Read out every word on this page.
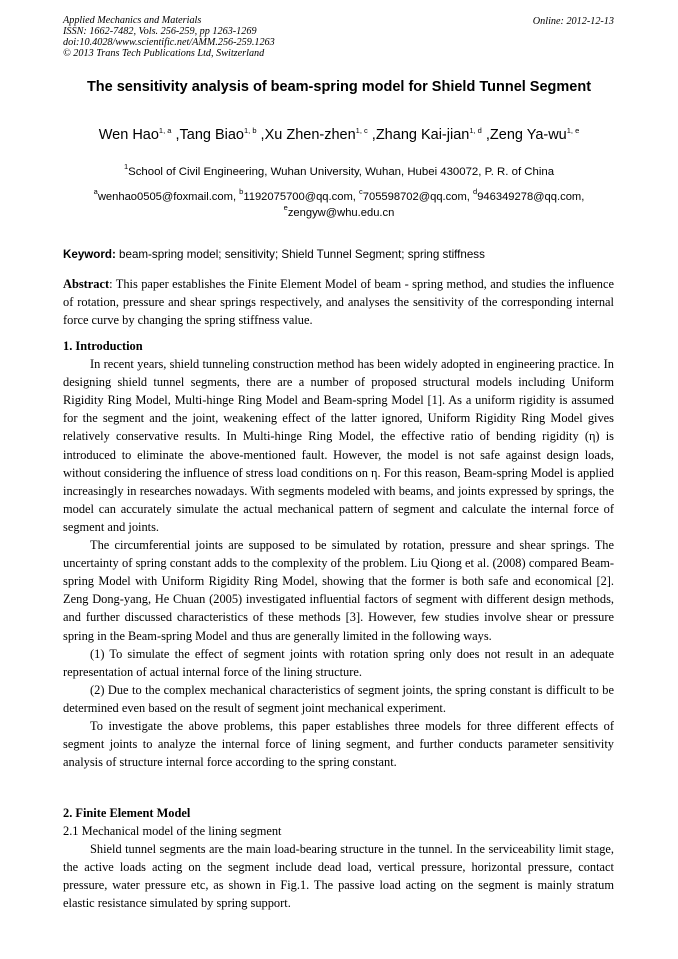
Applied Mechanics and Materials
ISSN: 1662-7482, Vols. 256-259, pp 1263-1269
doi:10.4028/www.scientific.net/AMM.256-259.1263
© 2013 Trans Tech Publications Ltd, Switzerland
Online: 2012-12-13
The sensitivity analysis of beam-spring model for Shield Tunnel Segment
Wen Hao$^{1, a}$ ,Tang Biao$^{1, b}$ ,Xu Zhen-zhen$^{1, c}$ ,Zhang Kai-jian$^{1, d}$ ,Zeng Ya-wu$^{1, e}$
$^1$School of Civil Engineering, Wuhan University, Wuhan, Hubei 430072, P. R. of China
$^a$wenhao0505@foxmail.com, $^b$1192075700@qq.com, $^c$705598702@qq.com, $^d$946349278@qq.com,
$^e$zengyw@whu.edu.cn
Keyword: beam-spring model; sensitivity; Shield Tunnel Segment; spring stiffness

Abstract: This paper establishes the Finite Element Model of beam - spring method, and studies the influence of rotation, pressure and shear springs respectively, and analyses the sensitivity of the corresponding internal force curve by changing the spring stiffness value.

1. Introduction

In recent years, shield tunneling construction method has been widely adopted in engineering practice. In designing shield tunnel segments, there are a number of proposed structural models including Uniform Rigidity Ring Model, Multi-hinge Ring Model and Beam-spring Model [1]. As a uniform rigidity is assumed for the segment and the joint, weakening effect of the latter ignored, Uniform Rigidity Ring Model gives relatively conservative results. In Multi-hinge Ring Model, the effective ratio of bending rigidity (η) is introduced to eliminate the above-mentioned fault. However, the model is not safe against design loads, without considering the influence of stress load conditions on η. For this reason, Beam-spring Model is applied increasingly in researches nowadays. With segments modeled with beams, and joints expressed by springs, the model can accurately simulate the actual mechanical pattern of segment and calculate the internal force of segment and joints.

The circumferential joints are supposed to be simulated by rotation, pressure and shear springs. The uncertainty of spring constant adds to the complexity of the problem. Liu Qiong et al. (2008) compared Beam-spring Model with Uniform Rigidity Ring Model, showing that the former is both safe and economical [2]. Zeng Dong-yang, He Chuan (2005) investigated influential factors of segment with different design methods, and further discussed characteristics of these methods [3]. However, few studies involve shear or pressure spring in the Beam-spring Model and thus are generally limited in the following ways.

(1) To simulate the effect of segment joints with rotation spring only does not result in an adequate representation of actual internal force of the lining structure.

(2) Due to the complex mechanical characteristics of segment joints, the spring constant is difficult to be determined even based on the result of segment joint mechanical experiment.

To investigate the above problems, this paper establishes three models for three different effects of segment joints to analyze the internal force of lining segment, and further conducts parameter sensitivity analysis of structure internal force according to the spring constant.

2. Finite Element Model

2.1 Mechanical model of the lining segment

Shield tunnel segments are the main load-bearing structure in the tunnel. In the serviceability limit stage, the active loads acting on the segment include dead load, vertical pressure, horizontal pressure, contact pressure, water pressure etc, as shown in Fig.1. The passive load acting on the segment is mainly stratum elastic resistance simulated by spring support.
